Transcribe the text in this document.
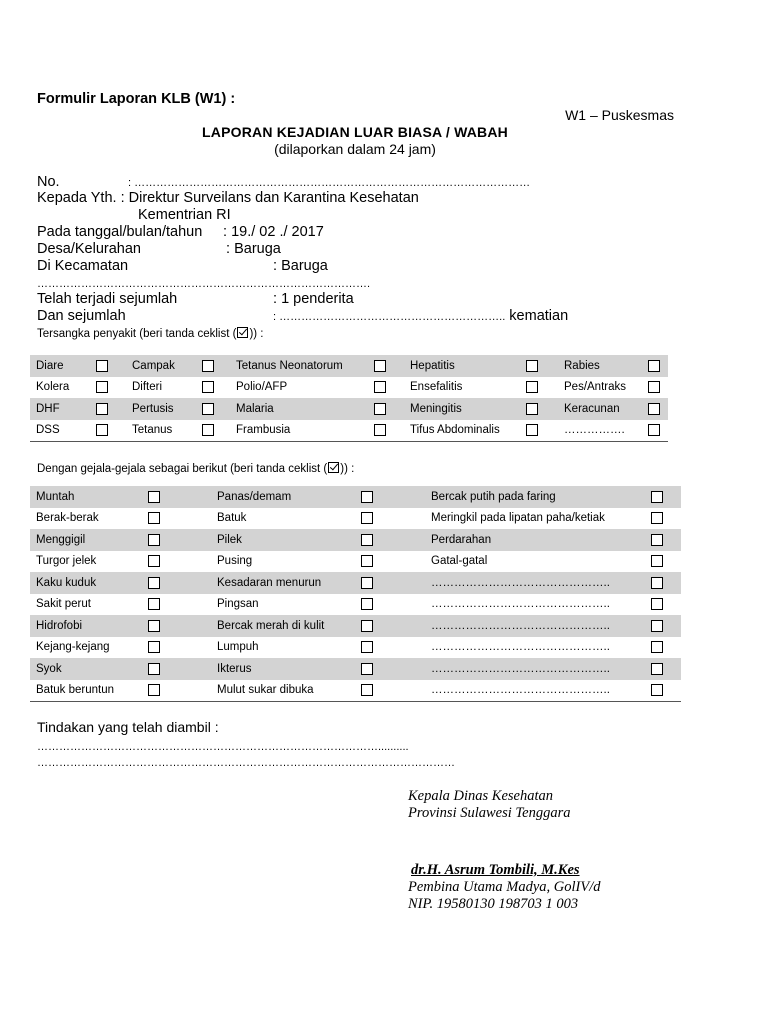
Formulir Laporan KLB (W1) :
W1 – Puskesmas
LAPORAN KEJADIAN LUAR BIASA / WABAH
(dilaporkan dalam 24 jam)
No.	: ………………………………………………………………………………………………
Kepada Yth. : Direktur Surveilans dan Karantina Kesehatan
Kementrian RI
Pada tanggal/bulan/tahun : 19./ 02 ./ 2017
Desa/Kelurahan	: Baruga
Di Kecamatan	: Baruga
……………………………………………………………………………….
Telah terjadi sejumlah	: 1 penderita
Dan sejumlah	: …………………………………………………….. kematian
Tersangka penyakit (beri tanda ceklist ( )) :
Diare		Campak		Tetanus Neonatorum		Hepatitis		Rabies	
Kolera		Difteri		Polio/AFP		Ensefalitis		Pes/Antraks	
DHF		Pertusis		Malaria		Meningitis		Keracunan	
DSS		Tetanus		Frambusia		Tifus Abdominalis		…………….	
Dengan gejala-gejala sebagai berikut (beri tanda ceklist ( )) :
Muntah		Panas/demam		Bercak putih pada faring	
Berak-berak		Batuk		Meringkil pada lipatan paha/ketiak	
Menggigil		Pilek		Perdarahan	
Turgor jelek		Pusing		Gatal-gatal	
Kaku kuduk		Kesadaran menurun		………………………………………..	
Sakit perut		Pingsan		………………………………………..	
Hidrofobi		Bercak merah di kulit		………………………………………..	
Kejang-kejang		Lumpuh		………………………………………..	
Syok		Ikterus		………………………………………..	
Batuk beruntun		Mulut sukar dibuka		………………………………………..	
Tindakan yang telah diambil :
…………………………………………………………………………………..........
……………………………………………………………………………………………………
Kepala Dinas Kesehatan
Provinsi Sulawesi Tenggara
dr.H. Asrum Tombili, M.Kes
Pembina Utama Madya, GolIV/d
NIP. 19580130 198703 1 003
